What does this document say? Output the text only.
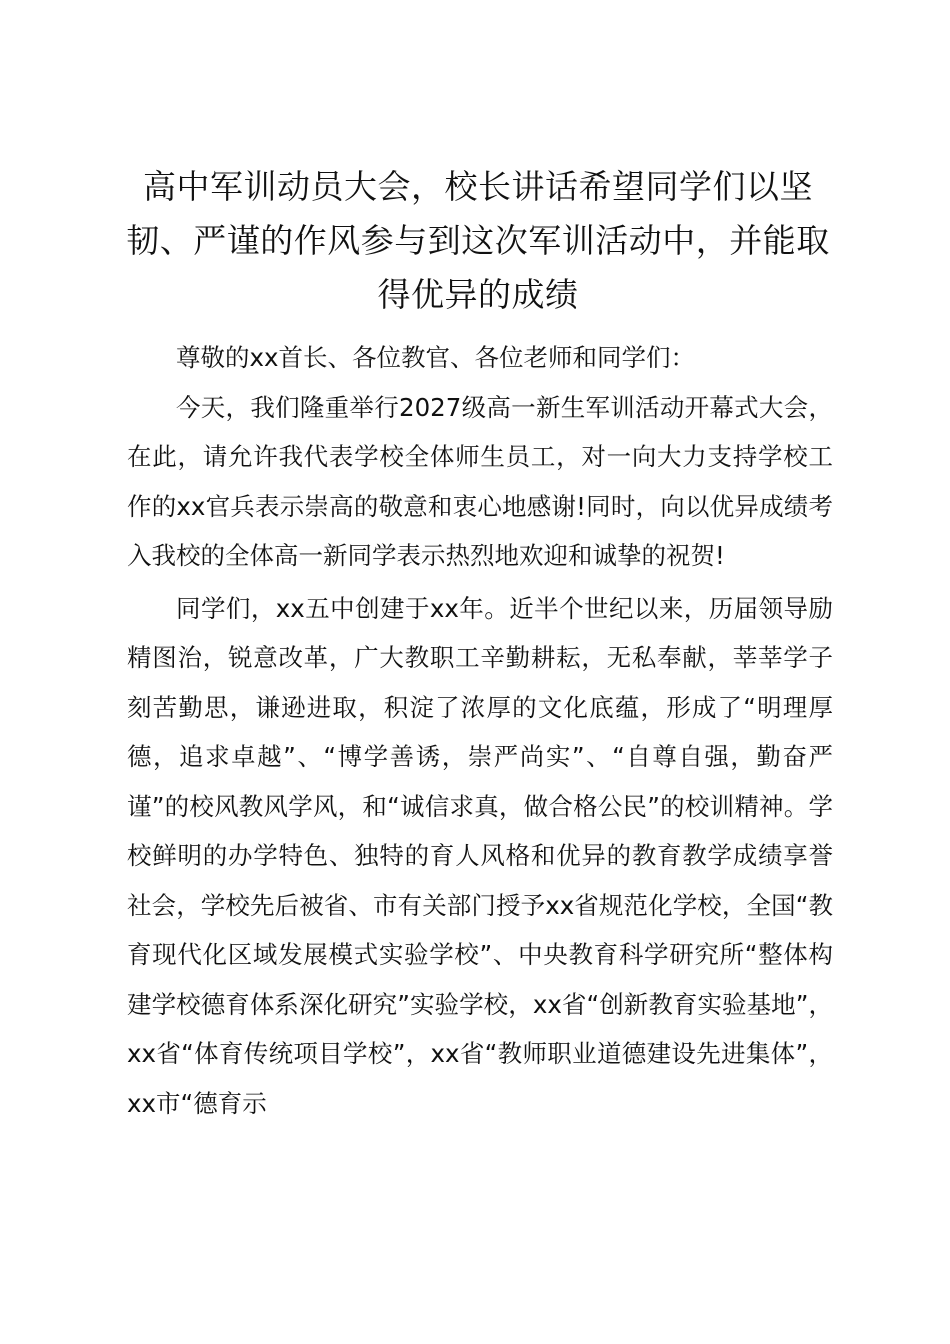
高中军训动员大会，校长讲话希望同学们以坚韧、严谨的作风参与到这次军训活动中，并能取得优异的成绩

尊敬的xx首长、各位教官、各位老师和同学们：

今天，我们隆重举行2027级高一新生军训活动开幕式大会，在此，请允许我代表学校全体师生员工，对一向大力支持学校工作的xx官兵表示崇高的敬意和衷心地感谢!同时，向以优异成绩考入我校的全体高一新同学表示热烈地欢迎和诚挚的祝贺!

同学们，xx五中创建于xx年。近半个世纪以来，历届领导励精图治，锐意改革，广大教职工辛勤耕耘，无私奉献，莘莘学子刻苦勤思，谦逊进取，积淀了浓厚的文化底蕴，形成了“明理厚德，追求卓越”、“博学善诱，崇严尚实”、“自尊自强，勤奋严谨”的校风教风学风，和“诚信求真，做合格公民”的校训精神。学校鲜明的办学特色、独特的育人风格和优异的教育教学成绩享誉社会，学校先后被省、市有关部门授予xx省规范化学校，全国“教育现代化区域发展模式实验学校”、中央教育科学研究所“整体构建学校德育体系深化研究”实验学校，xx省“创新教育实验基地”，xx省“体育传统项目学校”，xx省“教师职业道德建设先进集体”，xx市“德育示
